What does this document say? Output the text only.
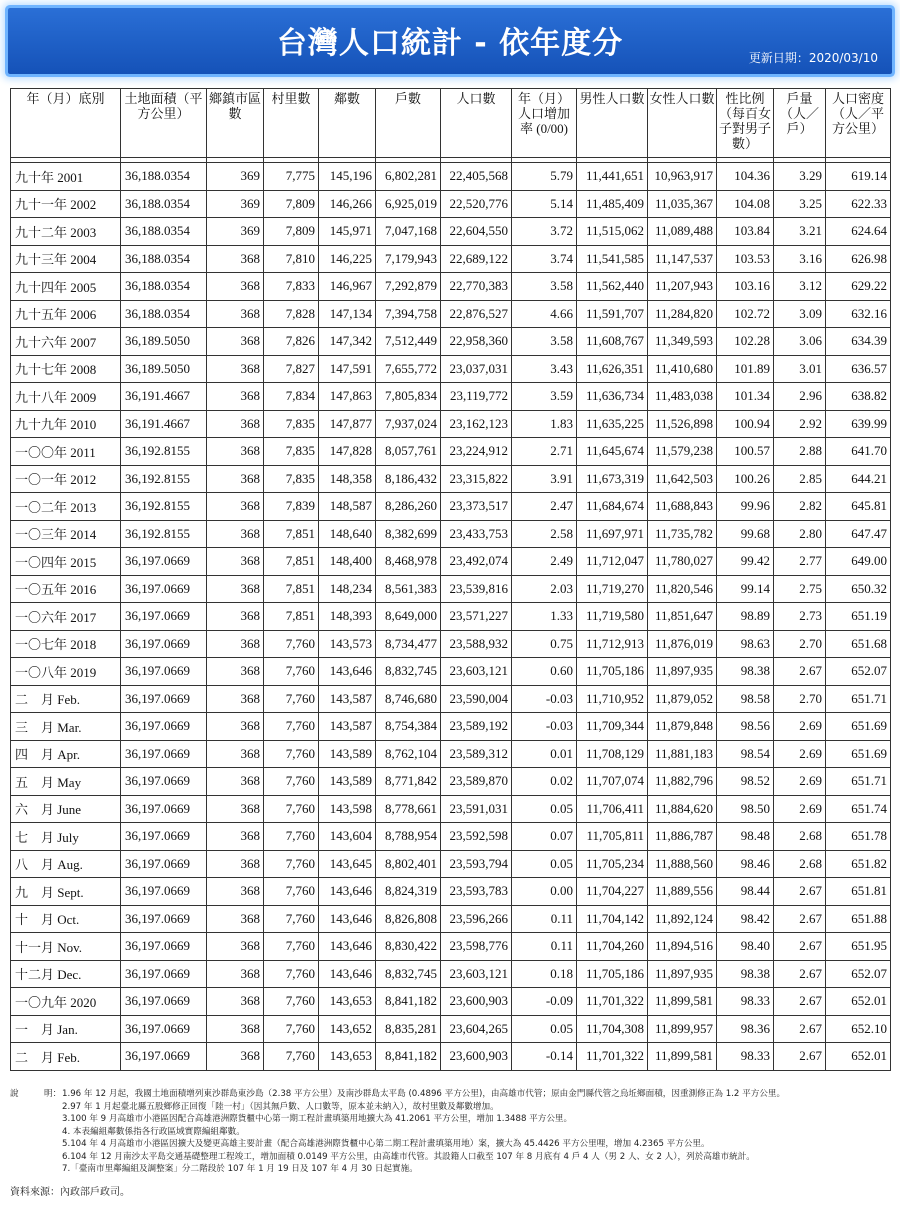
台灣人口統計 - 依年度分	更新日期：2020/03/10
年（月）底別	土地面積（平方公里）	鄉鎮市區數	村里數	鄰數	戶數	人口數	年（月）人口增加率 (0/00)	男性人口數	女性人口數	性比例（每百女子對男子數）	戶量（人／戶）	人口密度（人／平方公里）

九十年 2001	36,188.0354	369	7,775	145,196	6,802,281	22,405,568	5.79	11,441,651	10,963,917	104.36	3.29	619.14
九十一年 2002	36,188.0354	369	7,809	146,266	6,925,019	22,520,776	5.14	11,485,409	11,035,367	104.08	3.25	622.33
九十二年 2003	36,188.0354	369	7,809	145,971	7,047,168	22,604,550	3.72	11,515,062	11,089,488	103.84	3.21	624.64
九十三年 2004	36,188.0354	368	7,810	146,225	7,179,943	22,689,122	3.74	11,541,585	11,147,537	103.53	3.16	626.98
九十四年 2005	36,188.0354	368	7,833	146,967	7,292,879	22,770,383	3.58	11,562,440	11,207,943	103.16	3.12	629.22
九十五年 2006	36,188.0354	368	7,828	147,134	7,394,758	22,876,527	4.66	11,591,707	11,284,820	102.72	3.09	632.16
九十六年 2007	36,189.5050	368	7,826	147,342	7,512,449	22,958,360	3.58	11,608,767	11,349,593	102.28	3.06	634.39
九十七年 2008	36,189.5050	368	7,827	147,591	7,655,772	23,037,031	3.43	11,626,351	11,410,680	101.89	3.01	636.57
九十八年 2009	36,191.4667	368	7,834	147,863	7,805,834	23,119,772	3.59	11,636,734	11,483,038	101.34	2.96	638.82
九十九年 2010	36,191.4667	368	7,835	147,877	7,937,024	23,162,123	1.83	11,635,225	11,526,898	100.94	2.92	639.99
一〇〇年 2011	36,192.8155	368	7,835	147,828	8,057,761	23,224,912	2.71	11,645,674	11,579,238	100.57	2.88	641.70
一〇一年 2012	36,192.8155	368	7,835	148,358	8,186,432	23,315,822	3.91	11,673,319	11,642,503	100.26	2.85	644.21
一〇二年 2013	36,192.8155	368	7,839	148,587	8,286,260	23,373,517	2.47	11,684,674	11,688,843	99.96	2.82	645.81
一〇三年 2014	36,192.8155	368	7,851	148,640	8,382,699	23,433,753	2.58	11,697,971	11,735,782	99.68	2.80	647.47
一〇四年 2015	36,197.0669	368	7,851	148,400	8,468,978	23,492,074	2.49	11,712,047	11,780,027	99.42	2.77	649.00
一〇五年 2016	36,197.0669	368	7,851	148,234	8,561,383	23,539,816	2.03	11,719,270	11,820,546	99.14	2.75	650.32
一〇六年 2017	36,197.0669	368	7,851	148,393	8,649,000	23,571,227	1.33	11,719,580	11,851,647	98.89	2.73	651.19
一〇七年 2018	36,197.0669	368	7,760	143,573	8,734,477	23,588,932	0.75	11,712,913	11,876,019	98.63	2.70	651.68
一〇八年 2019	36,197.0669	368	7,760	143,646	8,832,745	23,603,121	0.60	11,705,186	11,897,935	98.38	2.67	652.07
二　月 Feb.	36,197.0669	368	7,760	143,587	8,746,680	23,590,004	-0.03	11,710,952	11,879,052	98.58	2.70	651.71
三　月 Mar.	36,197.0669	368	7,760	143,587	8,754,384	23,589,192	-0.03	11,709,344	11,879,848	98.56	2.69	651.69
四　月 Apr.	36,197.0669	368	7,760	143,589	8,762,104	23,589,312	0.01	11,708,129	11,881,183	98.54	2.69	651.69
五　月 May	36,197.0669	368	7,760	143,589	8,771,842	23,589,870	0.02	11,707,074	11,882,796	98.52	2.69	651.71
六　月 June	36,197.0669	368	7,760	143,598	8,778,661	23,591,031	0.05	11,706,411	11,884,620	98.50	2.69	651.74
七　月 July	36,197.0669	368	7,760	143,604	8,788,954	23,592,598	0.07	11,705,811	11,886,787	98.48	2.68	651.78
八　月 Aug.	36,197.0669	368	7,760	143,645	8,802,401	23,593,794	0.05	11,705,234	11,888,560	98.46	2.68	651.82
九　月 Sept.	36,197.0669	368	7,760	143,646	8,824,319	23,593,783	0.00	11,704,227	11,889,556	98.44	2.67	651.81
十　月 Oct.	36,197.0669	368	7,760	143,646	8,826,808	23,596,266	0.11	11,704,142	11,892,124	98.42	2.67	651.88
十一月 Nov.	36,197.0669	368	7,760	143,646	8,830,422	23,598,776	0.11	11,704,260	11,894,516	98.40	2.67	651.95
十二月 Dec.	36,197.0669	368	7,760	143,646	8,832,745	23,603,121	0.18	11,705,186	11,897,935	98.38	2.67	652.07
一〇九年 2020	36,197.0669	368	7,760	143,653	8,841,182	23,600,903	-0.09	11,701,322	11,899,581	98.33	2.67	652.01
一　月 Jan.	36,197.0669	368	7,760	143,652	8,835,281	23,604,265	0.05	11,704,308	11,899,957	98.36	2.67	652.10
二　月 Feb.	36,197.0669	368	7,760	143,653	8,841,182	23,600,903	-0.14	11,701,322	11,899,581	98.33	2.67	652.01
說	明： 1.96 年 12 月起，我國土地面積增列東沙群島東沙島（2.38 平方公里）及南沙群島太平島 (0.4896 平方公里)，由高雄市代管；原由金門縣代管之烏坵鄉面積，因重測修正為 1.2 平方公里。
2.97 年 1 月起臺北縣五股鄉修正回復「陸一村」（因其無戶數、人口數等，原本並未納入），故村里數及鄰數增加。
3.100 年 9 月高雄市小港區因配合高雄港洲際貨櫃中心第一期工程計畫填築用地擴大為 41.2061 平方公里，增加 1.3488 平方公里。
4. 本表編組鄰數係指各行政區域實際編組鄰數。
5.104 年 4 月高雄市小港區因擴大及變更高雄主要計畫（配合高雄港洲際貨櫃中心第二期工程計畫填築用地）案，擴大為 45.4426 平方公里哩，增加 4.2365 平方公里。
6.104 年 12 月南沙太平島交通基礎整理工程竣工，增加面積 0.0149 平方公里，由高雄市代管。其設籍人口截至 107 年 8 月底有 4 戶 4 人（男 2 人、女 2 人），列於高雄市統計。
7.「臺南市里鄰編組及調整案」分二階段於 107 年 1 月 19 日及 107 年 4 月 30 日起實施。
資料來源：內政部戶政司。
